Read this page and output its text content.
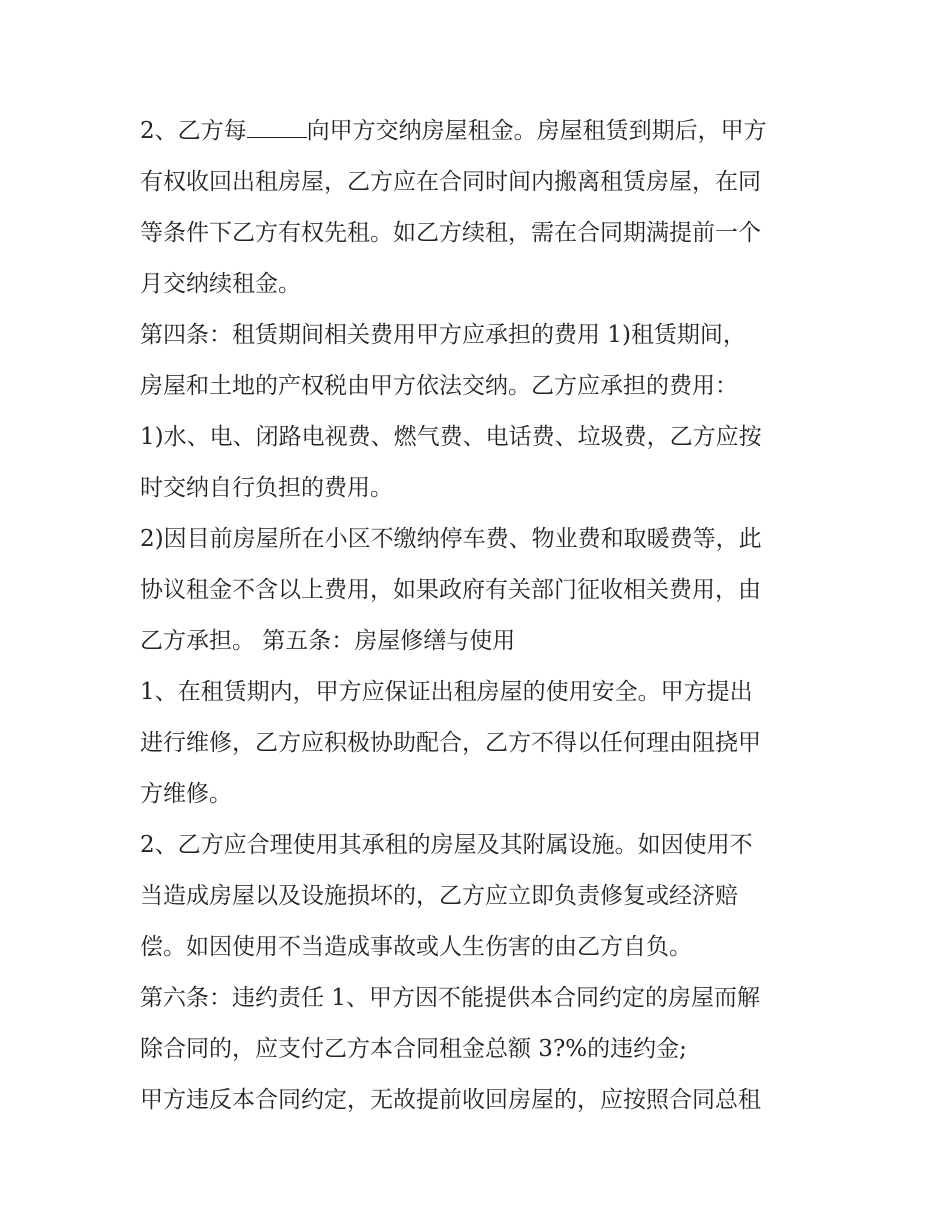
2、乙方每	向甲方交纳房屋租金。房屋租赁到期后，甲方
有权收回出租房屋，乙方应在合同时间内搬离租赁房屋，在同
等条件下乙方有权先租。如乙方续租，需在合同期满提前一个
月交纳续租金。
第四条：租赁期间相关费用甲方应承担的费用 1)租赁期间，
房屋和土地的产权税由甲方依法交纳。乙方应承担的费用：
1)水、电、闭路电视费、燃气费、电话费、垃圾费，乙方应按
时交纳自行负担的费用。
2)因目前房屋所在小区不缴纳停车费、物业费和取暖费等，此
协议租金不含以上费用，如果政府有关部门征收相关费用，由
乙方承担。 第五条：房屋修缮与使用
1、在租赁期内，甲方应保证出租房屋的使用安全。甲方提出
进行维修，乙方应积极协助配合，乙方不得以任何理由阻挠甲
方维修。
2、乙方应合理使用其承租的房屋及其附属设施。如因使用不
当造成房屋以及设施损坏的，乙方应立即负责修复或经济赔
偿。如因使用不当造成事故或人生伤害的由乙方自负。
第六条：违约责任 1、甲方因不能提供本合同约定的房屋而解
除合同的，应支付乙方本合同租金总额 3?%的违约金;
甲方违反本合同约定，无故提前收回房屋的，应按照合同总租
